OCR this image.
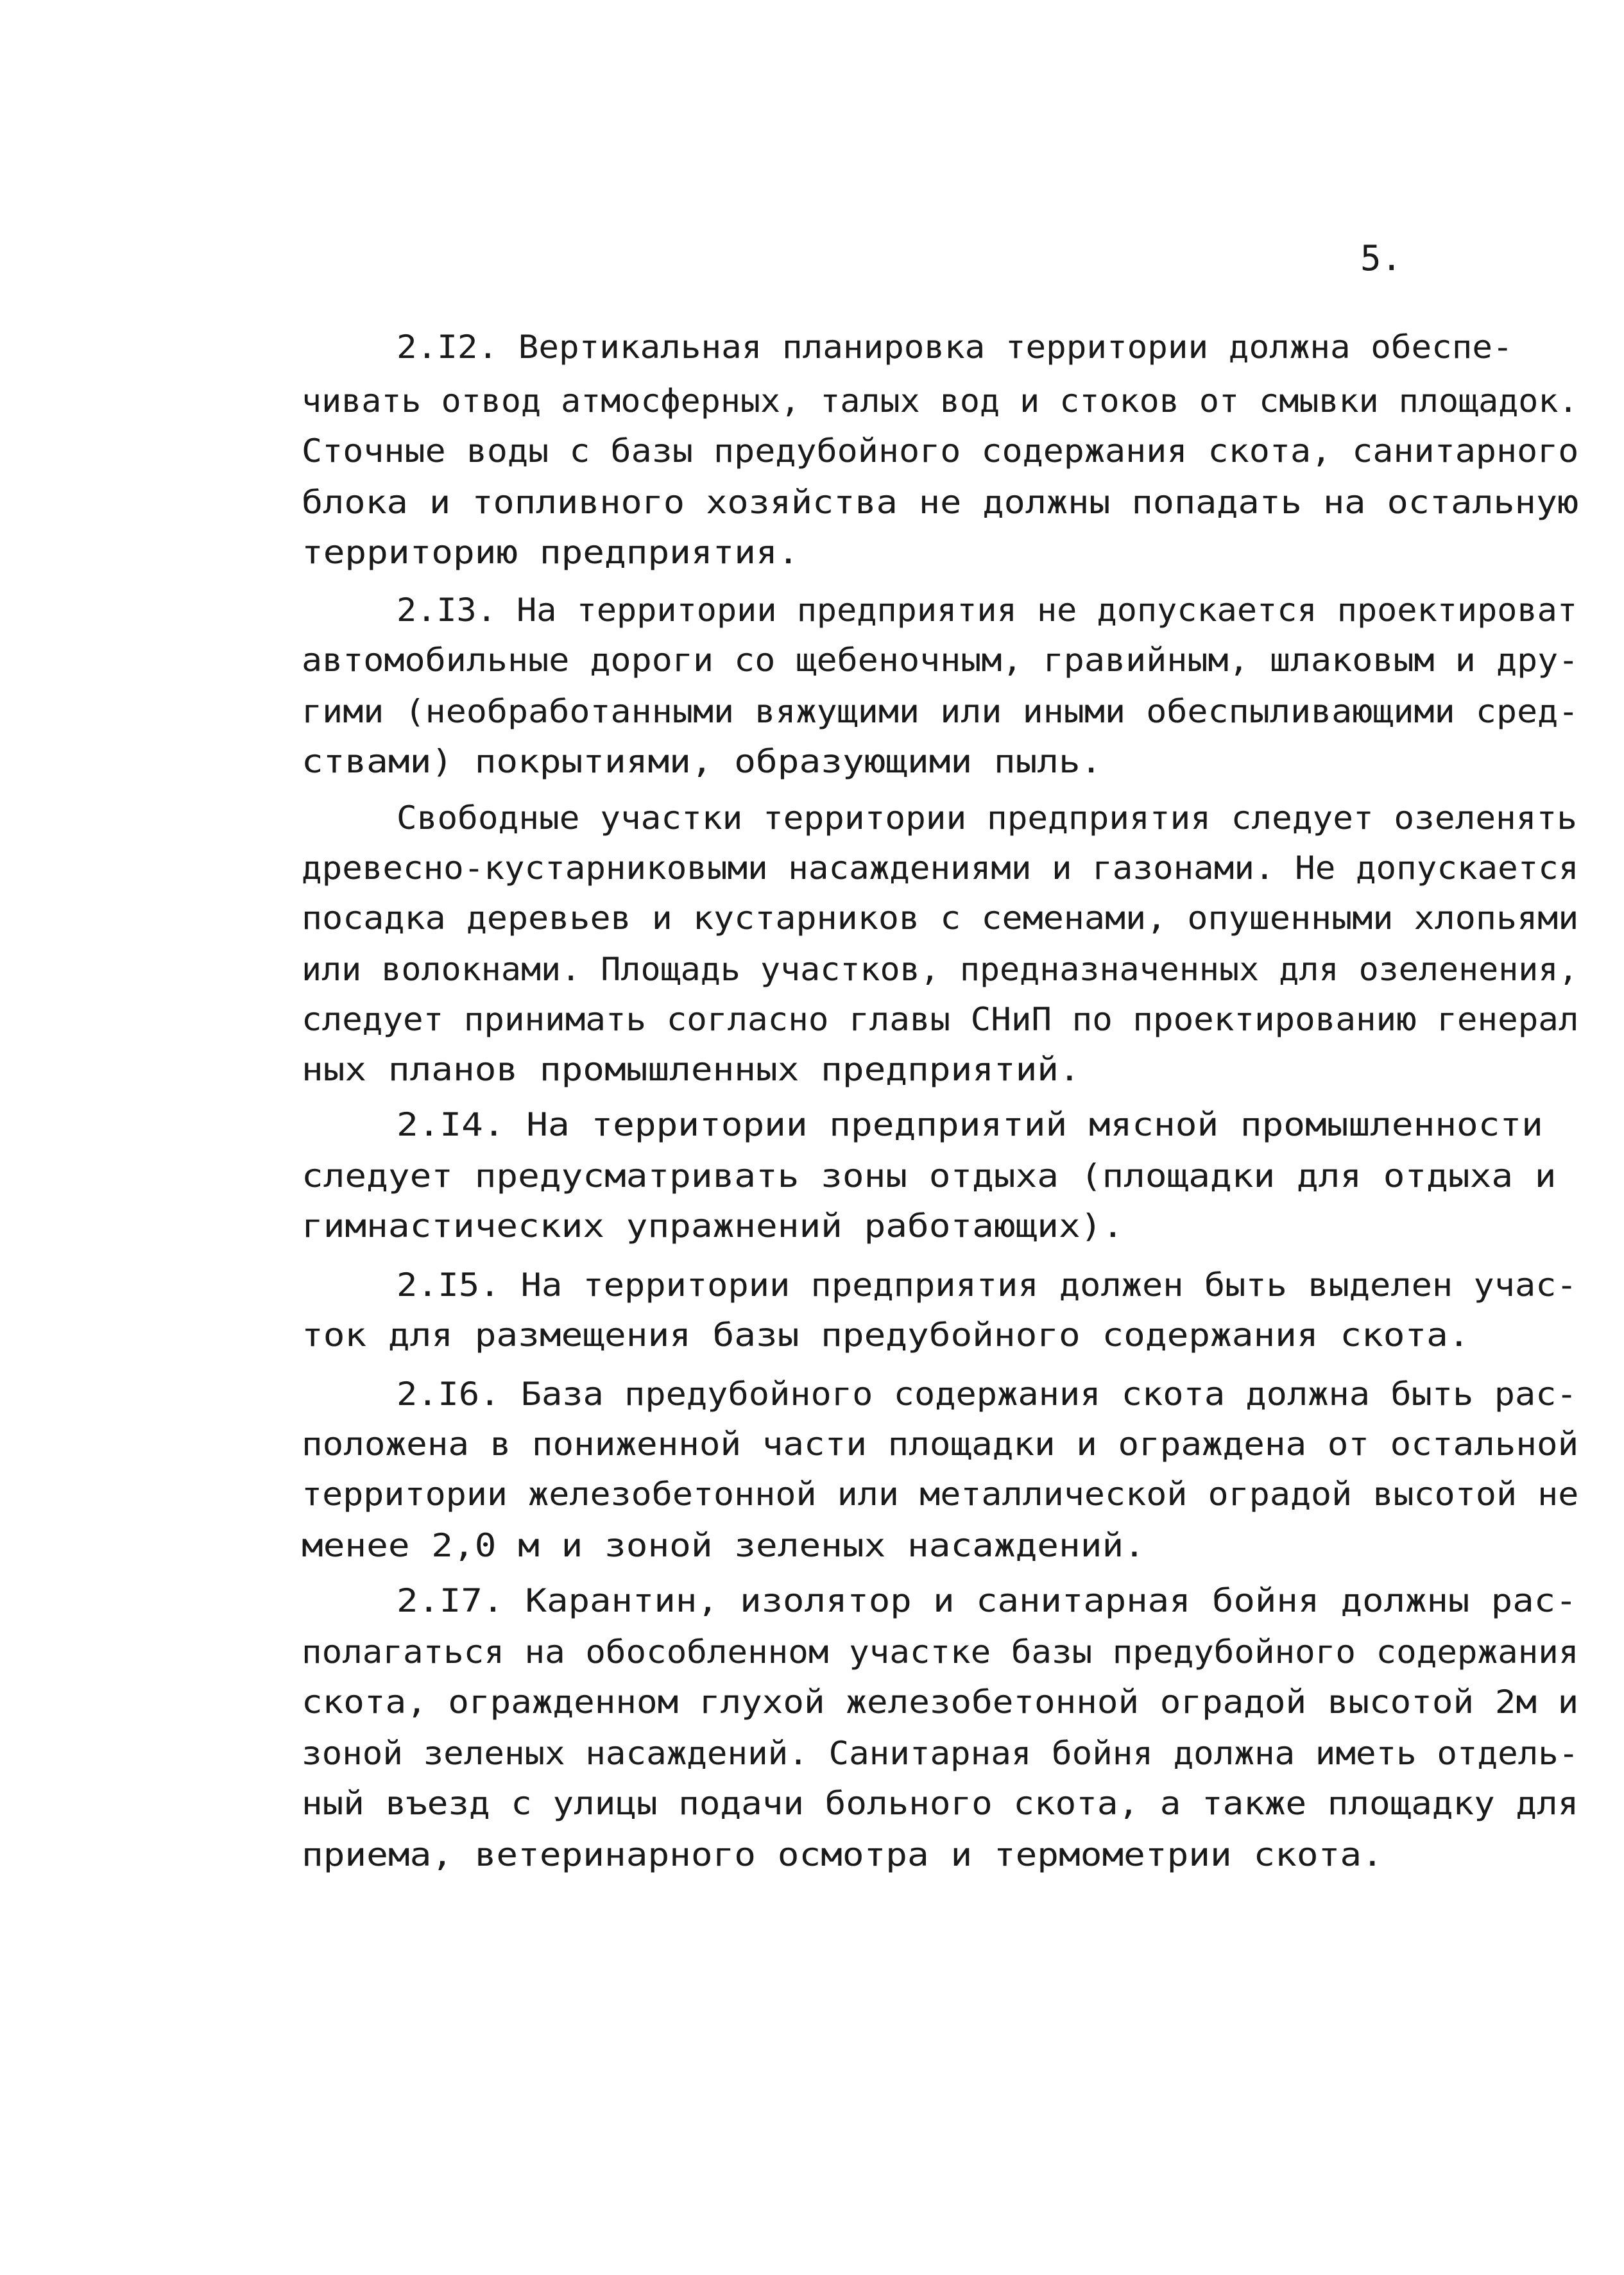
5.
2.I2. Вертикальная планировка территории должна обеспе-
чивать отвод атмосферных, талых вод и стоков от смывки площадок.
Сточные воды с базы предубойного содержания скота, санитарного
блока и топливного хозяйства не должны попадать на остальную
территорию предприятия.
2.I3. На территории предприятия не допускается проектироват
автомобильные дороги со щебеночным, гравийным, шлаковым и дру-
гими (необработанными вяжущими или иными обеспыливающими сред-
ствами) покрытиями, образующими пыль.
Свободные участки территории предприятия следует озеленять
древесно-кустарниковыми насаждениями и газонами. Не допускается
посадка деревьев и кустарников с семенами, опушенными хлопьями
или волокнами. Площадь участков, предназначенных для озеленения,
следует принимать согласно главы СНиП по проектированию генерал
ных планов промышленных предприятий.
2.I4. На территории предприятий мясной промышленности
следует предусматривать зоны отдыха (площадки для отдыха и
гимнастических упражнений работающих).
2.I5. На территории предприятия должен быть выделен учас-
ток для размещения базы предубойного содержания скота.
2.I6. База предубойного содержания скота должна быть рас-
положена в пониженной части площадки и ограждена от остальной
территории железобетонной или металлической оградой высотой не
менее 2,0 м и зоной зеленых насаждений.
2.I7. Карантин, изолятор и санитарная бойня должны рас-
полагаться на обособленном участке базы предубойного содержания
скота, огражденном глухой железобетонной оградой высотой 2м и
зоной зеленых насаждений. Санитарная бойня должна иметь отдель-
ный въезд с улицы подачи больного скота, а также площадку для
приема, ветеринарного осмотра и термометрии скота.
